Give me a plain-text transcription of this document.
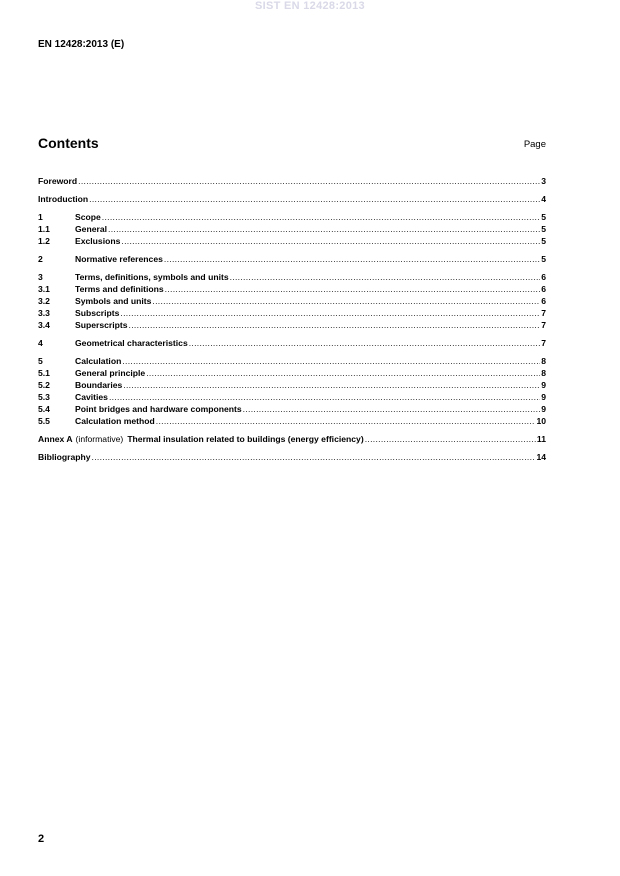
SIST EN 12428:2013
EN 12428:2013 (E)
Contents	Page
Foreword .....	3
Introduction .....	4
1	Scope .....	5
1.1	General .....	5
1.2	Exclusions .....	5
2	Normative references .....	5
3	Terms, definitions, symbols and units .....	6
3.1	Terms and definitions .....	6
3.2	Symbols and units .....	6
3.3	Subscripts .....	7
3.4	Superscripts .....	7
4	Geometrical characteristics .....	7
5	Calculation .....	8
5.1	General principle .....	8
5.2	Boundaries .....	9
5.3	Cavities .....	9
5.4	Point bridges and hardware components .....	9
5.5	Calculation method .....	10
Annex A (informative) Thermal insulation related to buildings (energy efficiency) .....	11
Bibliography .....	14
2
